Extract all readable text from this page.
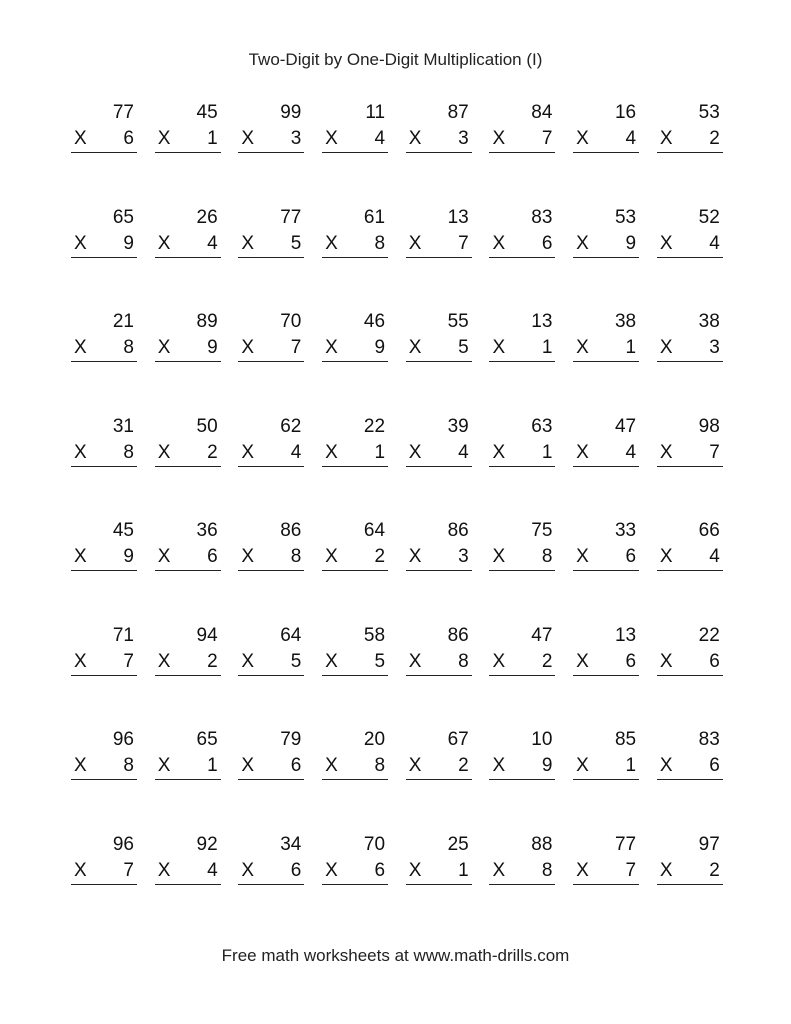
Two-Digit by One-Digit Multiplication (I)
77
X 6
45
X 1
99
X 3
11
X 4
87
X 3
84
X 7
16
X 4
53
X 2
65
X 9
26
X 4
77
X 5
61
X 8
13
X 7
83
X 6
53
X 9
52
X 4
21
X 8
89
X 9
70
X 7
46
X 9
55
X 5
13
X 1
38
X 1
38
X 3
31
X 8
50
X 2
62
X 4
22
X 1
39
X 4
63
X 1
47
X 4
98
X 7
45
X 9
36
X 6
86
X 8
64
X 2
86
X 3
75
X 8
33
X 6
66
X 4
71
X 7
94
X 2
64
X 5
58
X 5
86
X 8
47
X 2
13
X 6
22
X 6
96
X 8
65
X 1
79
X 6
20
X 8
67
X 2
10
X 9
85
X 1
83
X 6
96
X 7
92
X 4
34
X 6
70
X 6
25
X 1
88
X 8
77
X 7
97
X 2
Free math worksheets at www.math-drills.com
